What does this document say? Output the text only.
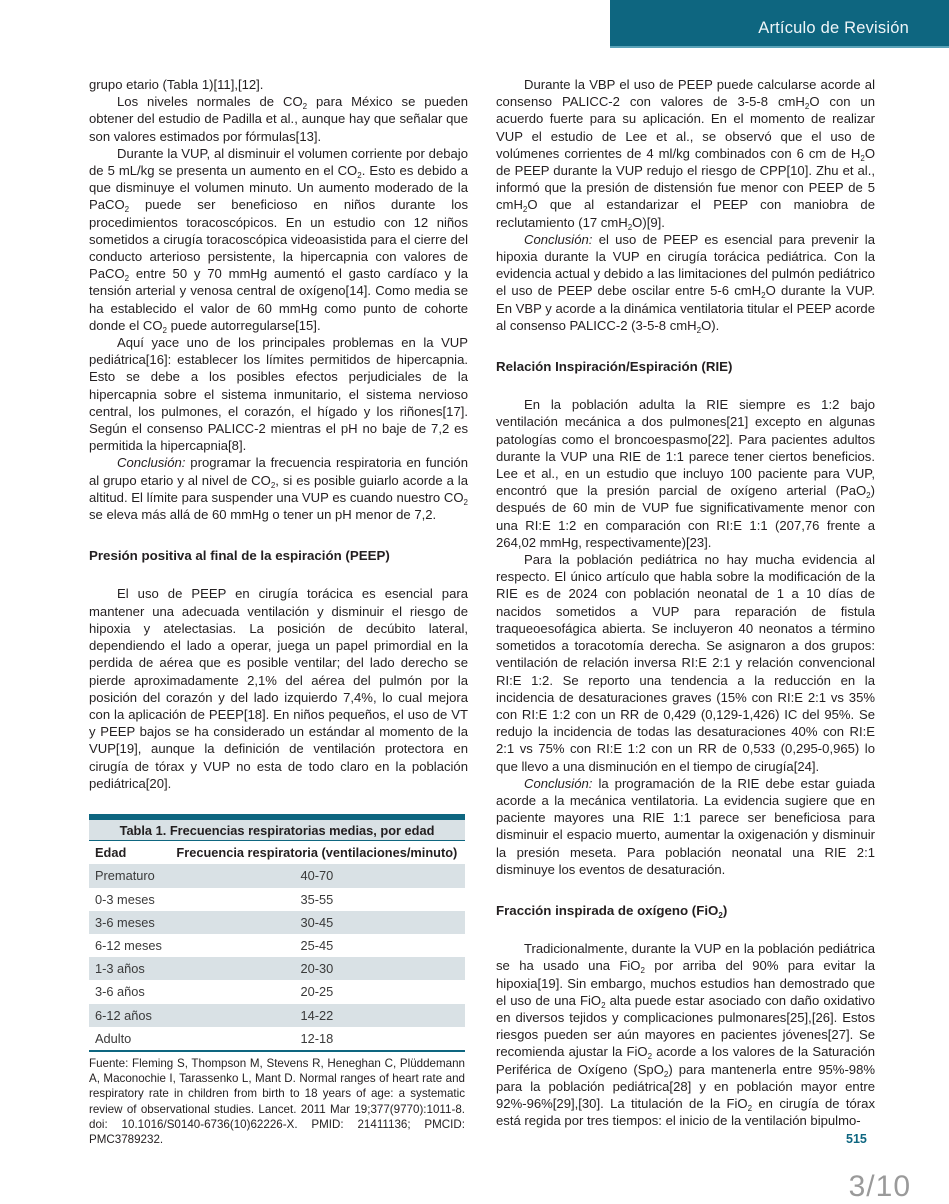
Artículo de Revisión

grupo etario (Tabla 1)[11],[12].

Los niveles normales de $CO_2$ para México se pueden obtener del estudio de Padilla et al., aunque hay que señalar que son valores estimados por fórmulas[13].

Durante la VUP, al disminuir el volumen corriente por debajo de 5 mL/kg se presenta un aumento en el $CO_2$. Esto es debido a que disminuye el volumen minuto. Un aumento moderado de la PaCO$_2$ puede ser beneficioso en niños durante los procedimientos toracoscópicos. En un estudio con 12 niños sometidos a cirugía toracoscópica videoasistida para el cierre del conducto arterioso persistente, la hipercapnia con valores de PaCO$_2$ entre 50 y 70 mmHg aumentó el gasto cardíaco y la tensión arterial y venosa central de oxígeno[14]. Como media se ha establecido el valor de 60 mmHg como punto de cohorte donde el $CO_2$ puede autorregularse[15].

Aquí yace uno de los principales problemas en la VUP pediátrica[16]: establecer los límites permitidos de hipercapnia. Esto se debe a los posibles efectos perjudiciales de la hipercapnia sobre el sistema inmunitario, el sistema nervioso central, los pulmones, el corazón, el hígado y los riñones[17]. Según el consenso PALICC-2 mientras el pH no baje de 7,2 es permitida la hipercapnia[8].

Conclusión: programar la frecuencia respiratoria en función al grupo etario y al nivel de $CO_2$, si es posible guiarlo acorde a la altitud. El límite para suspender una VUP es cuando nuestro $CO_2$ se eleva más allá de 60 mmHg o tener un pH menor de 7,2.

Presión positiva al final de la espiración (PEEP)

El uso de PEEP en cirugía torácica es esencial para mantener una adecuada ventilación y disminuir el riesgo de hipoxia y atelectasias. La posición de decúbito lateral, dependiendo el lado a operar, juega un papel primordial en la perdida de aérea que es posible ventilar; del lado derecho se pierde aproximadamente 2,1% del aérea del pulmón por la posición del corazón y del lado izquierdo 7,4%, lo cual mejora con la aplicación de PEEP[18]. En niños pequeños, el uso de VT y PEEP bajos se ha considerado un estándar al momento de la VUP[19], aunque la definición de ventilación protectora en cirugía de tórax y VUP no esta de todo claro en la población pediátrica[20].

Tabla 1. Frecuencias respiratorias medias, por edad	
Edad	Frecuencia respiratoria (ventilaciones/minuto)
Prematuro	40-70
0-3 meses	35-55
3-6 meses	30-45
6-12 meses	25-45
1-3 años	20-30
3-6 años	20-25
6-12 años	14-22
Adulto	12-18
Fuente: Fleming S, Thompson M, Stevens R, Heneghan C, Plüddemann A, Maconochie I, Tarassenko L, Mant D. Normal ranges of heart rate and respiratory rate in children from birth to 18 years of age: a systematic review of observational studies. Lancet. 2011 Mar 19;377(9770):1011-8. doi: 10.1016/S0140-6736(10)62226-X. PMID: 21411136; PMCID: PMC3789232.

Durante la VBP el uso de PEEP puede calcularse acorde al consenso PALICC-2 con valores de 3-5-8 cmH$_2$O con un acuerdo fuerte para su aplicación. En el momento de realizar VUP el estudio de Lee et al., se observó que el uso de volúmenes corrientes de 4 ml/kg combinados con 6 cm de $H_2O$ de PEEP durante la VUP redujo el riesgo de CPP[10]. Zhu et al., informó que la presión de distensión fue menor con PEEP de 5 cmH$_2$O que al estandarizar el PEEP con maniobra de reclutamiento (17 cmH$_2$O)[9].

Conclusión: el uso de PEEP es esencial para prevenir la hipoxia durante la VUP en cirugía torácica pediátrica. Con la evidencia actual y debido a las limitaciones del pulmón pediátrico el uso de PEEP debe oscilar entre 5-6 cmH$_2$O durante la VUP. En VBP y acorde a la dinámica ventilatoria titular el PEEP acorde al consenso PALICC-2 (3-5-8 cmH$_2$O).

Relación Inspiración/Espiración (RIE)

En la población adulta la RIE siempre es 1:2 bajo ventilación mecánica a dos pulmones[21] excepto en algunas patologías como el broncoespasmo[22]. Para pacientes adultos durante la VUP una RIE de 1:1 parece tener ciertos beneficios. Lee et al., en un estudio que incluyo 100 paciente para VUP, encontró que la presión parcial de oxígeno arterial (PaO$_2$) después de 60 min de VUP fue significativamente menor con una RI:E 1:2 en comparación con RI:E 1:1 (207,76 frente a 264,02 mmHg, respectivamente)[23].

Para la población pediátrica no hay mucha evidencia al respecto. El único artículo que habla sobre la modificación de la RIE es de 2024 con población neonatal de 1 a 10 días de nacidos sometidos a VUP para reparación de fistula traqueoesofágica abierta. Se incluyeron 40 neonatos a término sometidos a toracotomía derecha. Se asignaron a dos grupos: ventilación de relación inversa RI:E 2:1 y relación convencional RI:E 1:2. Se reporto una tendencia a la reducción en la incidencia de desaturaciones graves (15% con RI:E 2:1 vs 35% con RI:E 1:2 con un RR de 0,429 (0,129-1,426) IC del 95%. Se redujo la incidencia de todas las desaturaciones 40% con RI:E 2:1 vs 75% con RI:E 1:2 con un RR de 0,533 (0,295-0,965) lo que llevo a una disminución en el tiempo de cirugía[24].

Conclusión: la programación de la RIE debe estar guiada acorde a la mecánica ventilatoria. La evidencia sugiere que en paciente mayores una RIE 1:1 parece ser beneficiosa para disminuir el espacio muerto, aumentar la oxigenación y disminuir la presión meseta. Para población neonatal una RIE 2:1 disminuye los eventos de desaturación.

Fracción inspirada de oxígeno (FiO$_2$)

Tradicionalmente, durante la VUP en la población pediátrica se ha usado una FiO$_2$ por arriba del 90% para evitar la hipoxia[19]. Sin embargo, muchos estudios han demostrado que el uso de una FiO$_2$ alta puede estar asociado con daño oxidativo en diversos tejidos y complicaciones pulmonares[25],[26]. Estos riesgos pueden ser aún mayores en pacientes jóvenes[27]. Se recomienda ajustar la FiO$_2$ acorde a los valores de la Saturación Periférica de Oxígeno (SpO$_2$) para mantenerla entre 95%-98% para la población pediátrica[28] y en población mayor entre 92%-96%[29],[30]. La titulación de la FiO$_2$ en cirugía de tórax está regida por tres tiempos: el inicio de la ventilación bipulmo-

515
3/10
